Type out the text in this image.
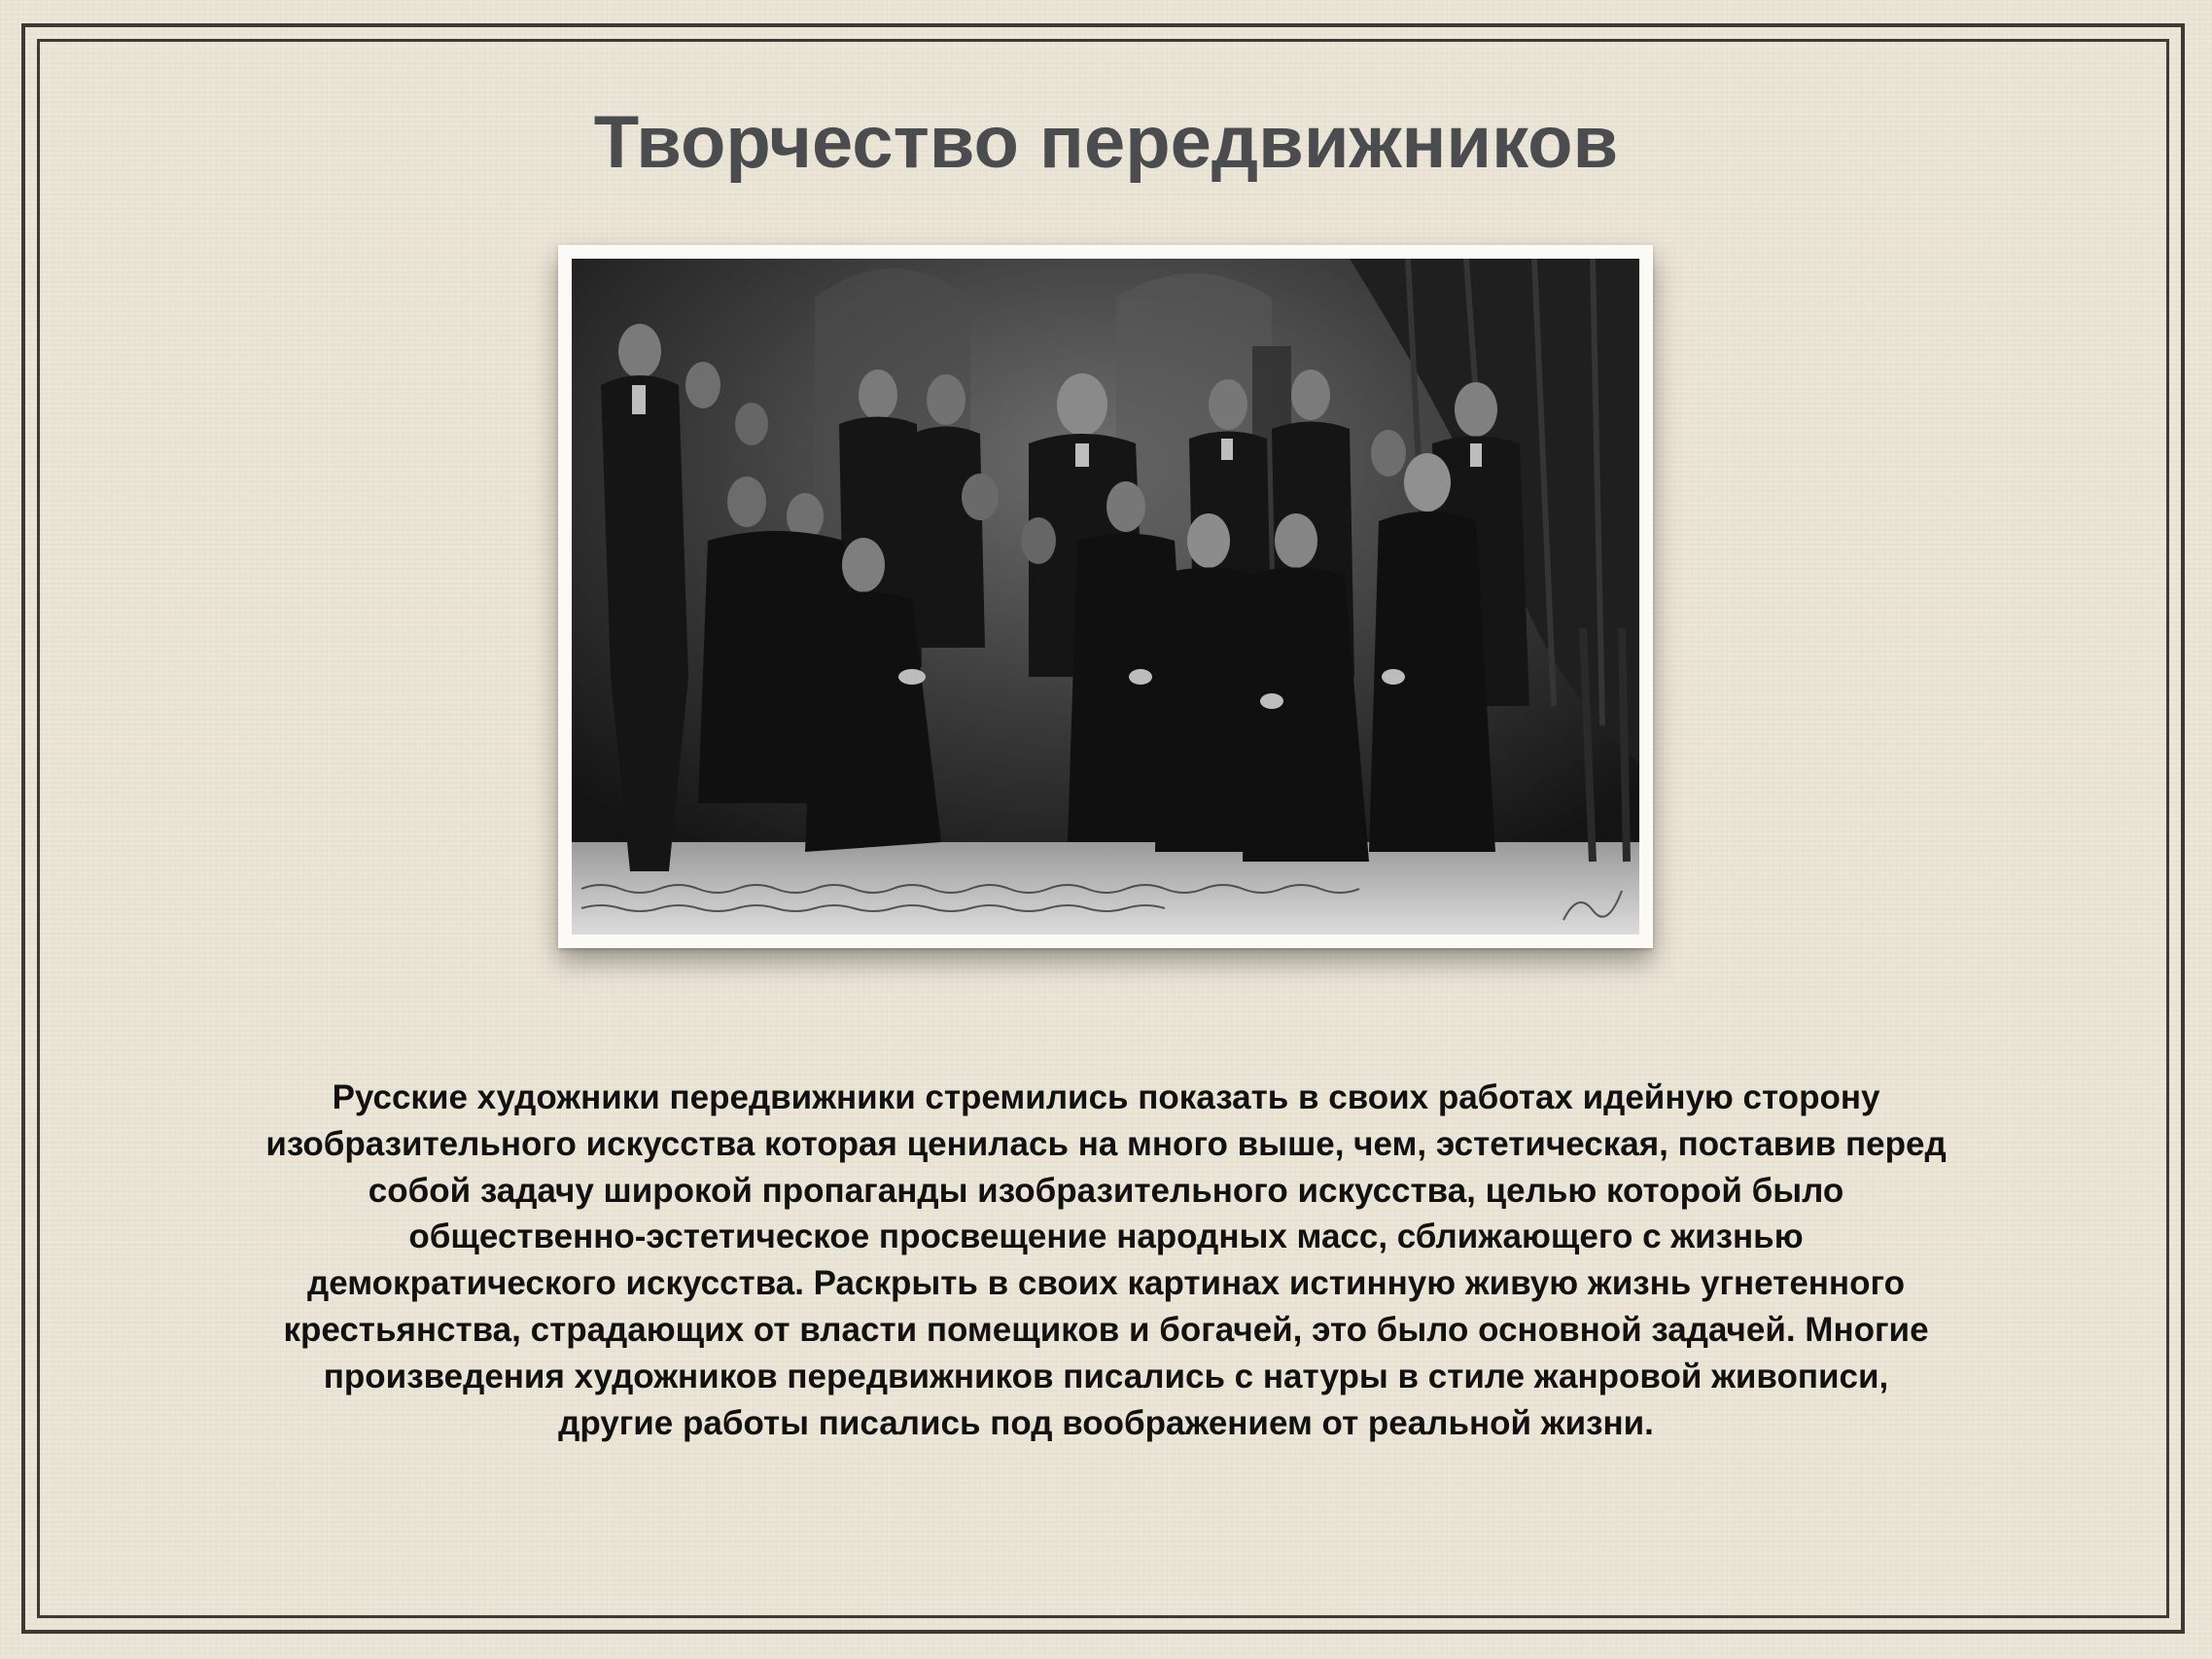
Творчество передвижников

Русские художники передвижники стремились показать в своих работах идейную сторону изобразительного искусства которая ценилась на много выше, чем, эстетическая, поставив перед собой задачу широкой пропаганды изобразительного искусства, целью которой было общественно-эстетическое просвещение народных масс, сближающего с жизнью демократического искусства. Раскрыть в своих картинах истинную живую жизнь угнетенного крестьянства, страдающих от власти помещиков и богачей, это было основной задачей. Многие произведения художников передвижников писались с натуры в стиле жанровой живописи, другие работы писались под воображением от реальной жизни.
